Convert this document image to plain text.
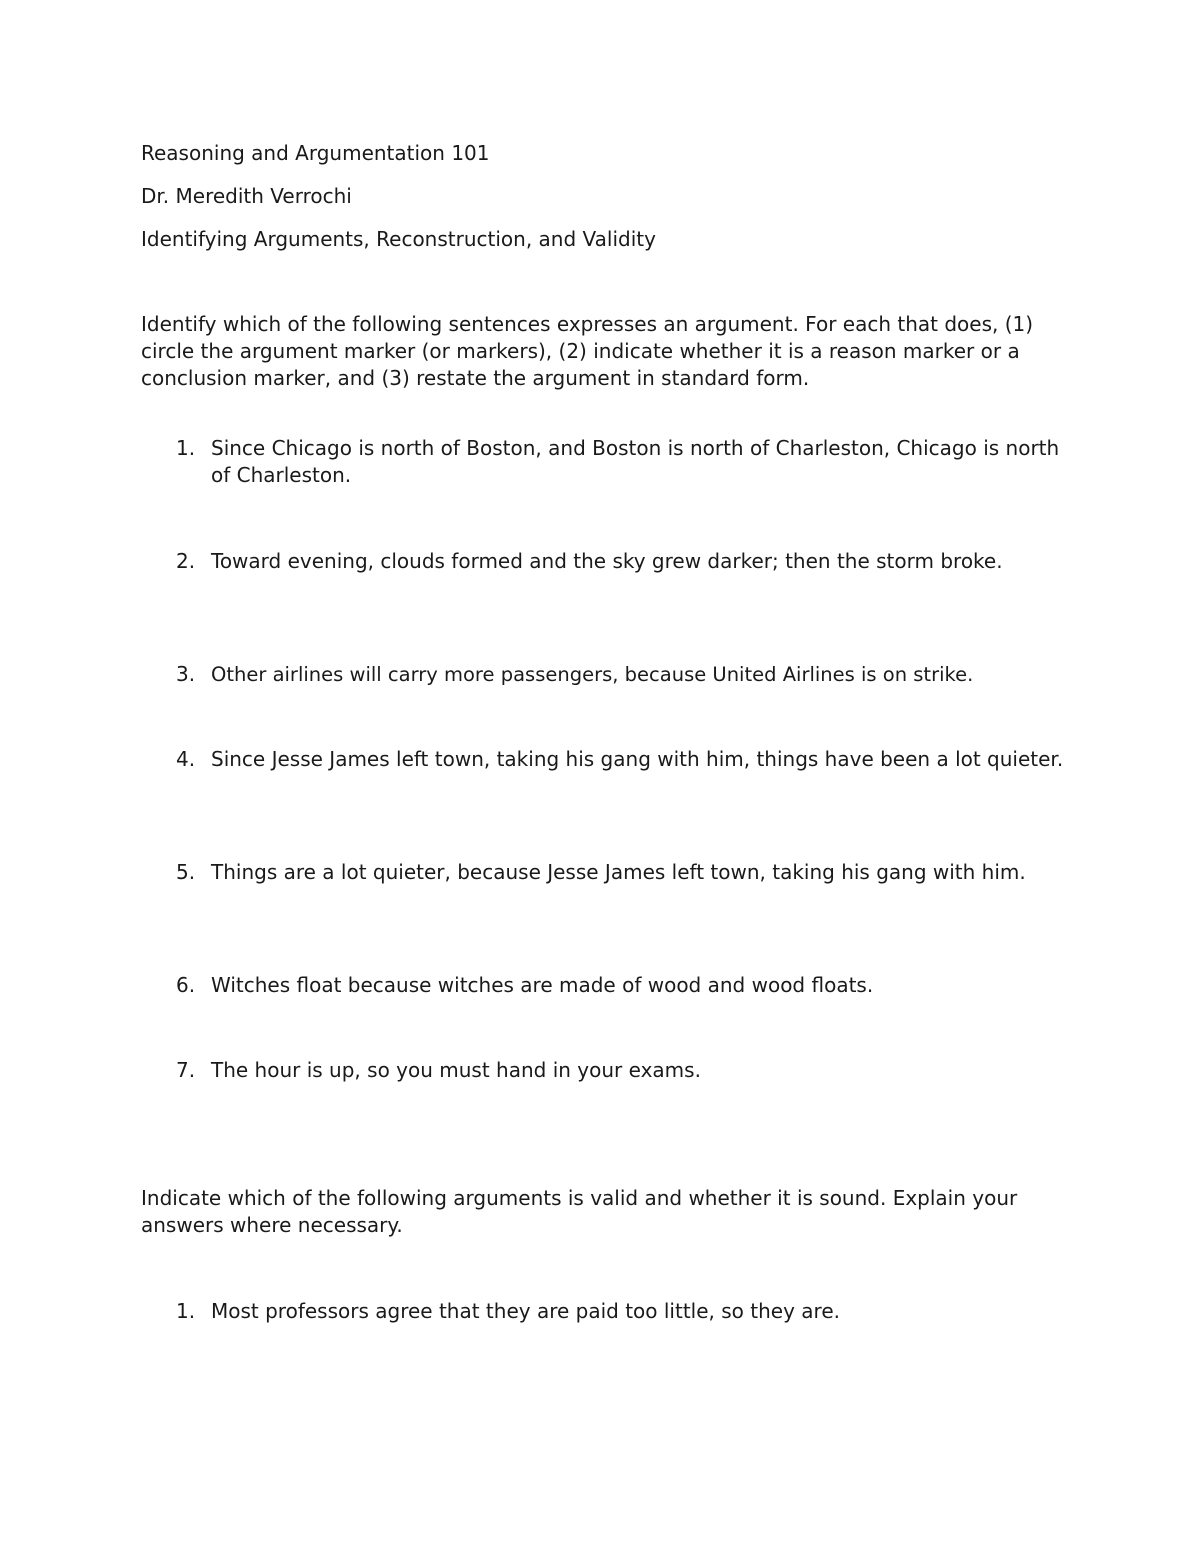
Reasoning and Argumentation 101

Dr. Meredith Verrochi

Identifying Arguments, Reconstruction, and Validity

Identify which of the following sentences expresses an argument. For each that does, (1) circle the argument marker (or markers), (2) indicate whether it is a reason marker or a conclusion marker, and (3) restate the argument in standard form.

1. Since Chicago is north of Boston, and Boston is north of Charleston, Chicago is north of Charleston.
2. Toward evening, clouds formed and the sky grew darker; then the storm broke.
3. Other airlines will carry more passengers, because United Airlines is on strike.
4. Since Jesse James left town, taking his gang with him, things have been a lot quieter.
5. Things are a lot quieter, because Jesse James left town, taking his gang with him.
6. Witches float because witches are made of wood and wood floats.
7. The hour is up, so you must hand in your exams.

Indicate which of the following arguments is valid and whether it is sound. Explain your answers where necessary.

1. Most professors agree that they are paid too little, so they are.
